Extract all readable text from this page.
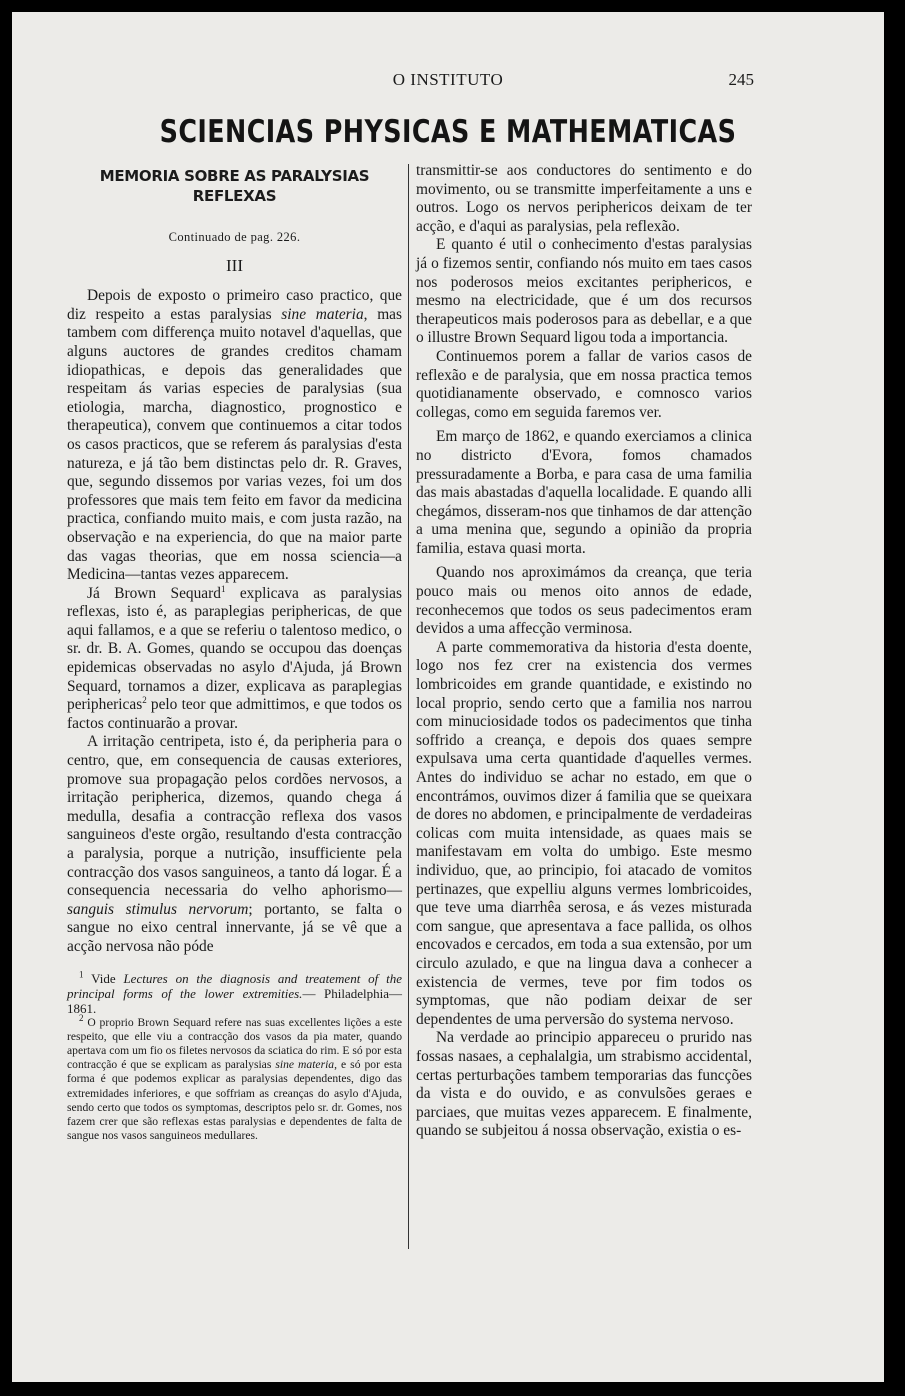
O INSTITUTO	245
SCIENCIAS PHYSICAS E MATHEMATICAS
MEMORIA SOBRE AS PARALYSIAS REFLEXAS
Continuado de pag. 226.
III

Depois de exposto o primeiro caso practico, que diz respeito a estas paralysias sine materia, mas tambem com differença muito notavel d'aquellas, que alguns auctores de grandes creditos chamam idiopathicas, e depois das generalidades que respeitam ás varias especies de paralysias (sua etiologia, marcha, diagnostico, prognostico e therapeutica), convem que continuemos a citar todos os casos practicos, que se referem ás paralysias d'esta natureza, e já tão bem distinctas pelo dr. R. Graves, que, segundo dissemos por varias vezes, foi um dos professores que mais tem feito em favor da medicina practica, confiando muito mais, e com justa razão, na observação e na experiencia, do que na maior parte das vagas theorias, que em nossa sciencia—a Medicina—tantas vezes apparecem.

Já Brown Sequard$^1$ explicava as paralysias reflexas, isto é, as paraplegias periphericas, de que aqui fallamos, e a que se referiu o talentoso medico, o sr. dr. B. A. Gomes, quando se occupou das doenças epidemicas observadas no asylo d'Ajuda, já Brown Sequard, tornamos a dizer, explicava as paraplegias periphericas$^2$ pelo teor que admittimos, e que todos os factos continuarão a provar.

A irritação centripeta, isto é, da peripheria para o centro, que, em consequencia de causas exteriores, promove sua propagação pelos cordões nervosos, a irritação peripherica, dizemos, quando chega á medulla, desafia a contracção reflexa dos vasos sanguineos d'este orgão, resultando d'esta contracção a paralysia, porque a nutrição, insufficiente pela contracção dos vasos sanguineos, a tanto dá logar. É a consequencia necessaria do velho aphorismo—sanguis stimulus nervorum; portanto, se falta o sangue no eixo central innervante, já se vê que a acção nervosa não póde

$^1$ Vide Lectures on the diagnosis and treatement of the principal forms of the lower extremities.— Philadelphia— 1861.

$^2$ O proprio Brown Sequard refere nas suas excellentes lições a este respeito, que elle viu a contracção dos vasos da pia mater, quando apertava com um fio os filetes nervosos da sciatica do rim. E só por esta contracção é que se explicam as paralysias sine materia, e só por esta forma é que podemos explicar as paralysias dependentes, digo das extremidades inferiores, e que soffriam as creanças do asylo d'Ajuda, sendo certo que todos os symptomas, descriptos pelo sr. dr. Gomes, nos fazem crer que são reflexas estas paralysias e dependentes de falta de sangue nos vasos sanguineos medullares.

transmittir-se aos conductores do sentimento e do movimento, ou se transmitte imperfeitamente a uns e outros. Logo os nervos periphericos deixam de ter acção, e d'aqui as paralysias, pela reflexão.

E quanto é util o conhecimento d'estas paralysias já o fizemos sentir, confiando nós muito em taes casos nos poderosos meios excitantes periphericos, e mesmo na electricidade, que é um dos recursos therapeuticos mais poderosos para as debellar, e a que o illustre Brown Sequard ligou toda a importancia.

Continuemos porem a fallar de varios casos de reflexão e de paralysia, que em nossa practica temos quotidianamente observado, e comnosco varios collegas, como em seguida faremos ver.

Em março de 1862, e quando exerciamos a clinica no districto d'Evora, fomos chamados pressuradamente a Borba, e para casa de uma familia das mais abastadas d'aquella localidade. E quando alli chegámos, disseram-nos que tinhamos de dar attenção a uma menina que, segundo a opinião da propria familia, estava quasi morta.

Quando nos aproximámos da creança, que teria pouco mais ou menos oito annos de edade, reconhecemos que todos os seus padecimentos eram devidos a uma affecção verminosa.

A parte commemorativa da historia d'esta doente, logo nos fez crer na existencia dos vermes lombricoides em grande quantidade, e existindo no local proprio, sendo certo que a familia nos narrou com minuciosidade todos os padecimentos que tinha soffrido a creança, e depois dos quaes sempre expulsava uma certa quantidade d'aquelles vermes. Antes do individuo se achar no estado, em que o encontrámos, ouvimos dizer á familia que se queixara de dores no abdomen, e principalmente de verdadeiras colicas com muita intensidade, as quaes mais se manifestavam em volta do umbigo. Este mesmo individuo, que, ao principio, foi atacado de vomitos pertinazes, que expelliu alguns vermes lombricoides, que teve uma diarrhêa serosa, e ás vezes misturada com sangue, que apresentava a face pallida, os olhos encovados e cercados, em toda a sua extensão, por um circulo azulado, e que na lingua dava a conhecer a existencia de vermes, teve por fim todos os symptomas, que não podiam deixar de ser dependentes de uma perversão do systema nervoso.

Na verdade ao principio appareceu o prurido nas fossas nasaes, a cephalalgia, um strabismo accidental, certas perturbações tambem temporarias das funcções da vista e do ouvido, e as convulsões geraes e parciaes, que muitas vezes apparecem. E finalmente, quando se subjeitou á nossa observação, existia o es-
